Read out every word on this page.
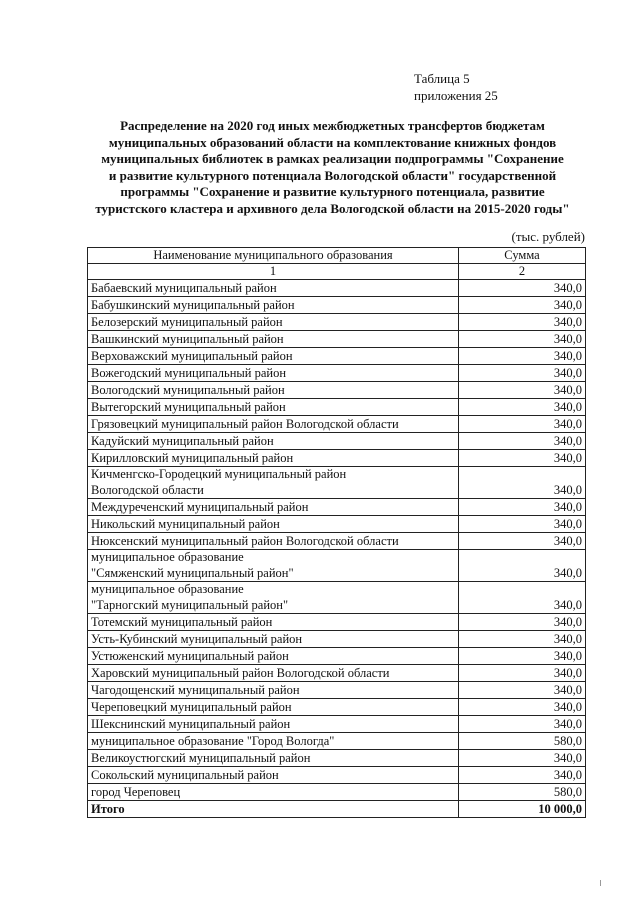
Таблица 5
приложения 25
Распределение на 2020 год иных межбюджетных трансфертов бюджетам
муниципальных образований области на комплектование книжных фондов
муниципальных библиотек в рамках реализации подпрограммы "Сохранение
и развитие культурного потенциала Вологодской области" государственной
программы "Сохранение и развитие культурного потенциала, развитие
туристского кластера и архивного дела Вологодской области на 2015-2020 годы"
(тыс. рублей)
Наименование муниципального образования	Сумма
1	2

Бабаевский муниципальный район	340,0

Бабушкинский муниципальный район	340,0

Белозерский муниципальный район	340,0

Вашкинский муниципальный район	340,0

Верховажский муниципальный район	340,0

Вожегодский муниципальный район	340,0

Вологодский муниципальный район	340,0

Вытегорский муниципальный район	340,0

Грязовецкий муниципальный район Вологодской области	340,0

Кадуйский муниципальный район	340,0

Кирилловский муниципальный район	340,0

Кичменгско-Городецкий муниципальный район
Вологодской области	340,0

Междуреченский муниципальный район	340,0

Никольский муниципальный район	340,0

Нюксенский муниципальный район Вологодской области	340,0

муниципальное образование
"Сямженский муниципальный район"	340,0

муниципальное образование
"Тарногский муниципальный район"	340,0

Тотемский муниципальный район	340,0

Усть-Кубинский муниципальный район	340,0

Устюженский муниципальный район	340,0

Харовский муниципальный район Вологодской области	340,0

Чагодощенский муниципальный район	340,0

Череповецкий муниципальный район	340,0

Шекснинский муниципальный район	340,0

муниципальное образование "Город Вологда"	580,0

Великоустюгский муниципальный район	340,0

Сокольский муниципальный район	340,0

город Череповец	580,0
Итого	10 000,0
